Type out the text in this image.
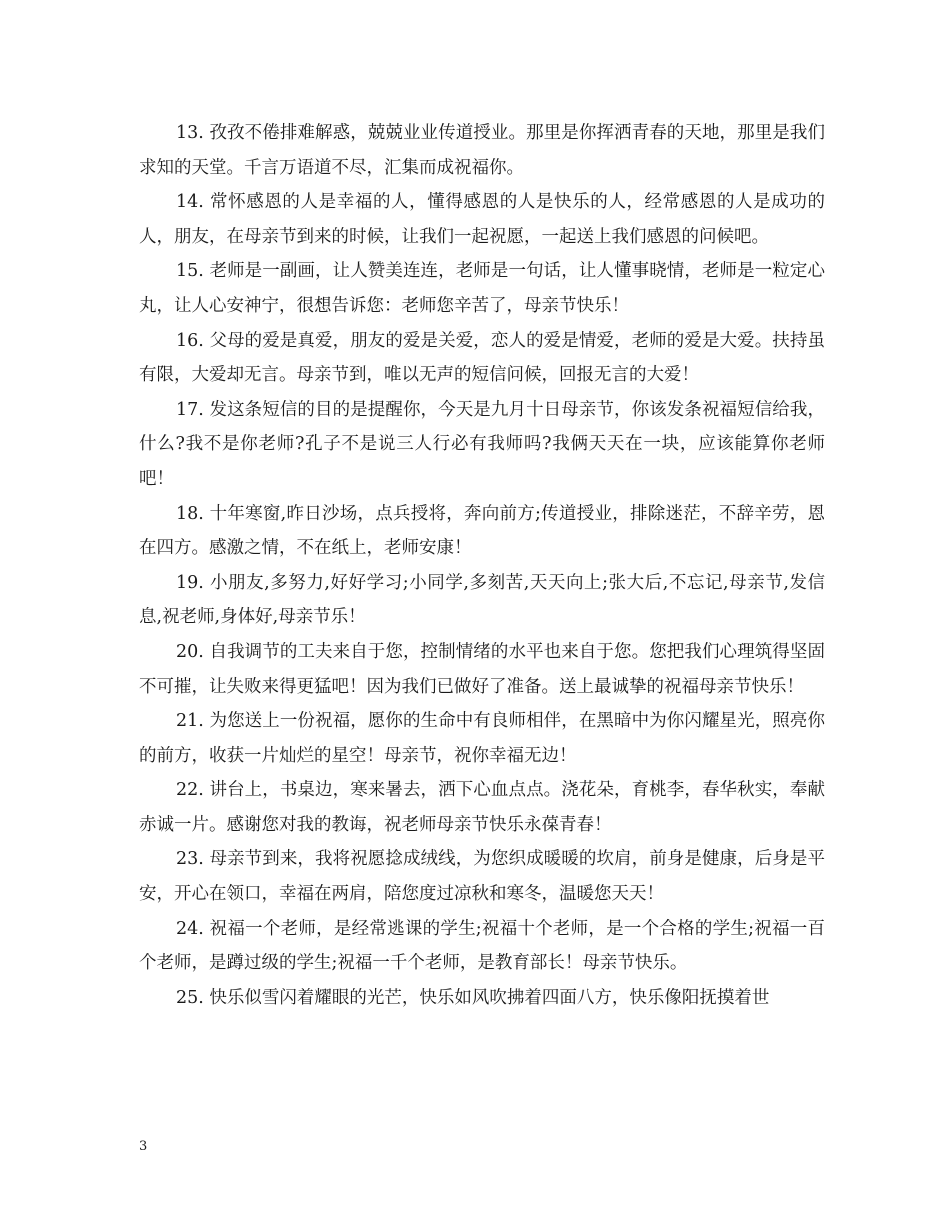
13. 孜孜不倦排难解惑，兢兢业业传道授业。那里是你挥洒青春的天地，那里是我们求知的天堂。千言万语道不尽，汇集而成祝福你。

14. 常怀感恩的人是幸福的人，懂得感恩的人是快乐的人，经常感恩的人是成功的人，朋友，在母亲节到来的时候，让我们一起祝愿，一起送上我们感恩的问候吧。

15. 老师是一副画，让人赞美连连，老师是一句话，让人懂事晓情，老师是一粒定心丸，让人心安神宁，很想告诉您：老师您辛苦了，母亲节快乐！

16. 父母的爱是真爱，朋友的爱是关爱，恋人的爱是情爱，老师的爱是大爱。扶持虽有限，大爱却无言。母亲节到，唯以无声的短信问候，回报无言的大爱！

17. 发这条短信的目的是提醒你，今天是九月十日母亲节，你该发条祝福短信给我，什么?我不是你老师?孔子不是说三人行必有我师吗?我俩天天在一块，应该能算你老师吧！

18. 十年寒窗,昨日沙场，点兵授将，奔向前方;传道授业，排除迷茫，不辞辛劳，恩在四方。感激之情，不在纸上，老师安康！

19. 小朋友,多努力,好好学习;小同学,多刻苦,天天向上;张大后,不忘记,母亲节,发信息,祝老师,身体好,母亲节乐！

20. 自我调节的工夫来自于您，控制情绪的水平也来自于您。您把我们心理筑得坚固不可摧，让失败来得更猛吧！因为我们已做好了准备。送上最诚挚的祝福母亲节快乐！

21. 为您送上一份祝福，愿你的生命中有良师相伴，在黑暗中为你闪耀星光，照亮你的前方，收获一片灿烂的星空！母亲节，祝你幸福无边！

22. 讲台上，书桌边，寒来暑去，洒下心血点点。浇花朵，育桃李，春华秋实，奉献赤诚一片。感谢您对我的教诲，祝老师母亲节快乐永葆青春！

23. 母亲节到来，我将祝愿捻成绒线，为您织成暖暖的坎肩，前身是健康，后身是平安，开心在领口，幸福在两肩，陪您度过凉秋和寒冬，温暖您天天！

24. 祝福一个老师，是经常逃课的学生;祝福十个老师，是一个合格的学生;祝福一百个老师，是蹲过级的学生;祝福一千个老师，是教育部长！母亲节快乐。

25. 快乐似雪闪着耀眼的光芒，快乐如风吹拂着四面八方，快乐像阳抚摸着世

3
